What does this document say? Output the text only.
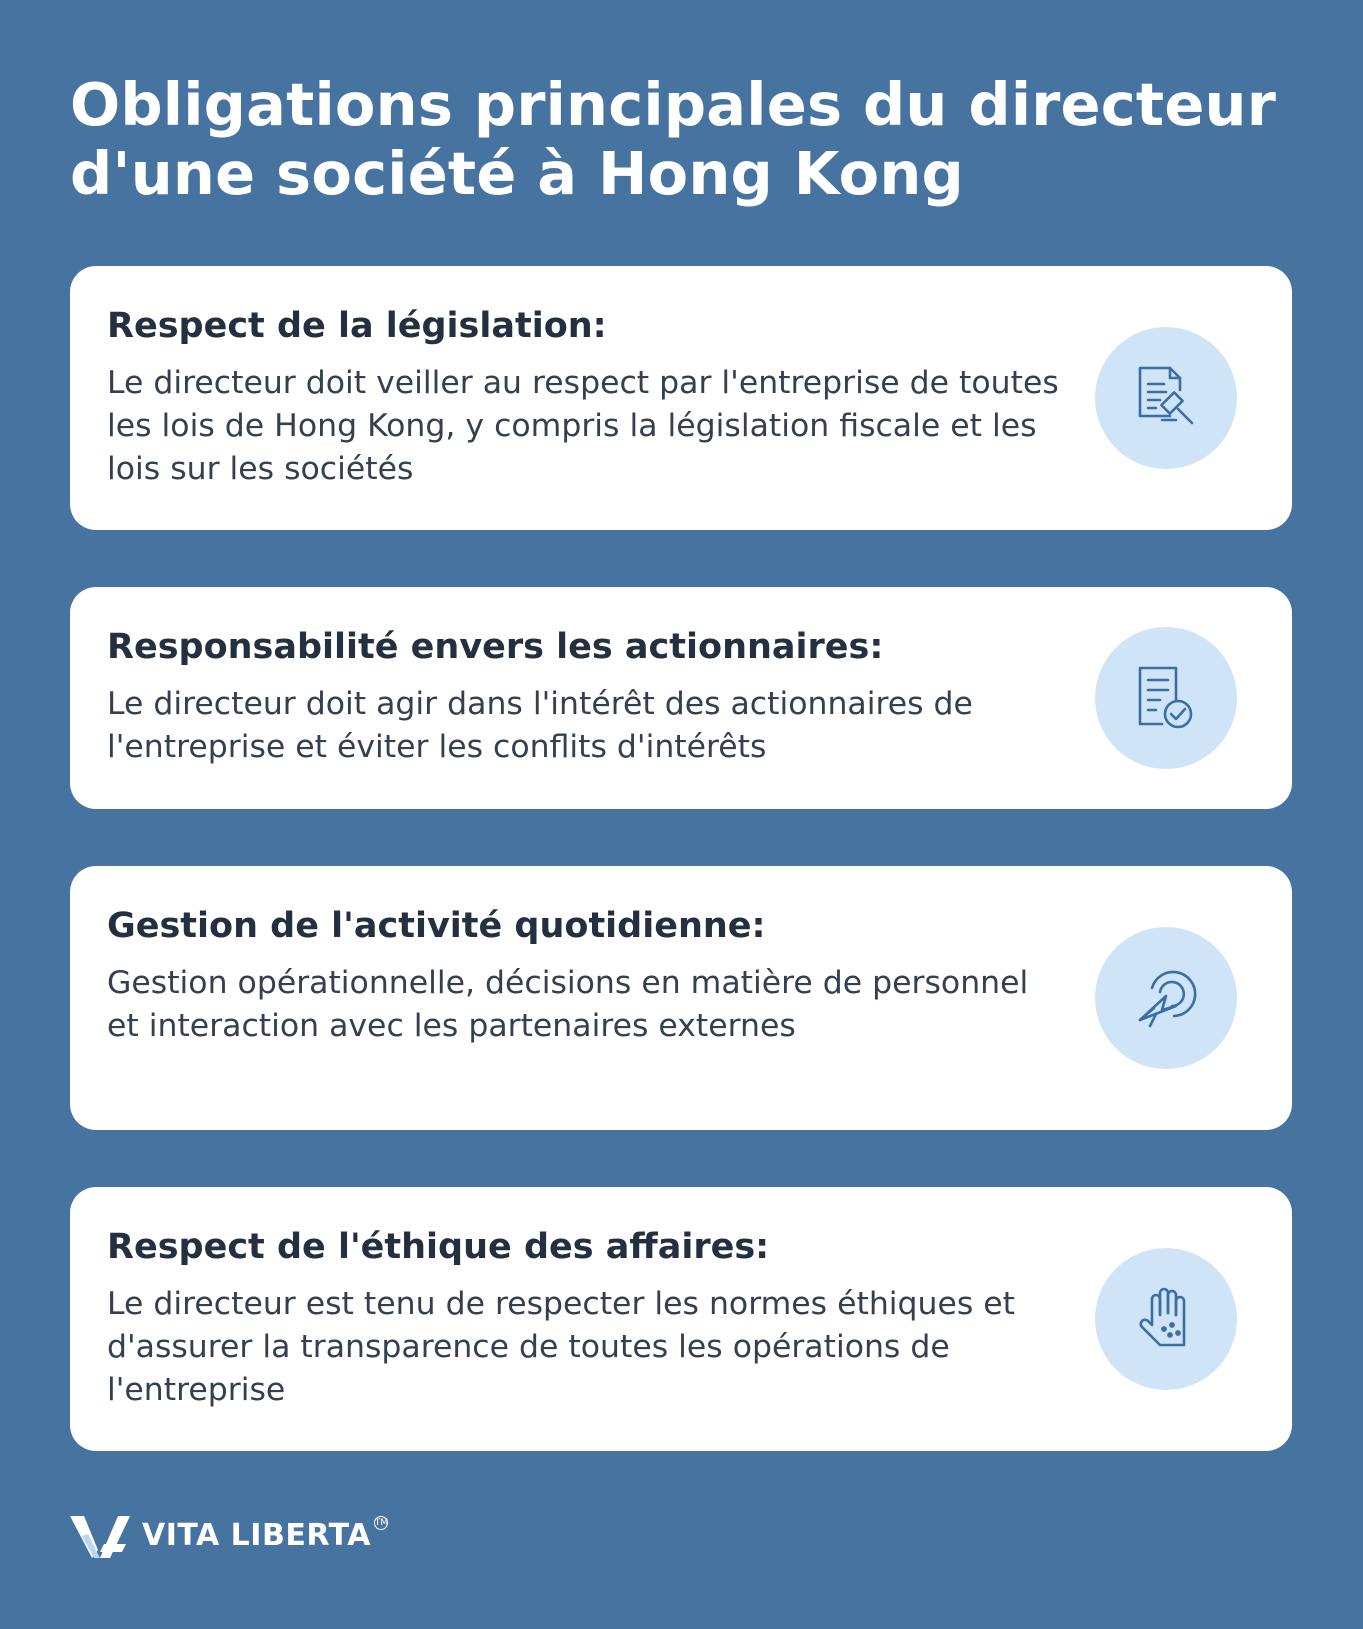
Obligations principales du directeur d'une société à Hong Kong
Respect de la législation:

Le directeur doit veiller au respect par l'entreprise de toutes les lois de Hong Kong, y compris la législation fiscale et les lois sur les sociétés

Responsabilité envers les actionnaires:

Le directeur doit agir dans l'intérêt des actionnaires de l'entreprise et éviter les conflits d'intérêts

Gestion de l'activité quotidienne:

Gestion opérationnelle, décisions en matière de personnel et interaction avec les partenaires externes

Respect de l'éthique des affaires:

Le directeur est tenu de respecter les normes éthiques et d'assurer la transparence de toutes les opérations de l'entreprise

VITA LIBERTA TM
